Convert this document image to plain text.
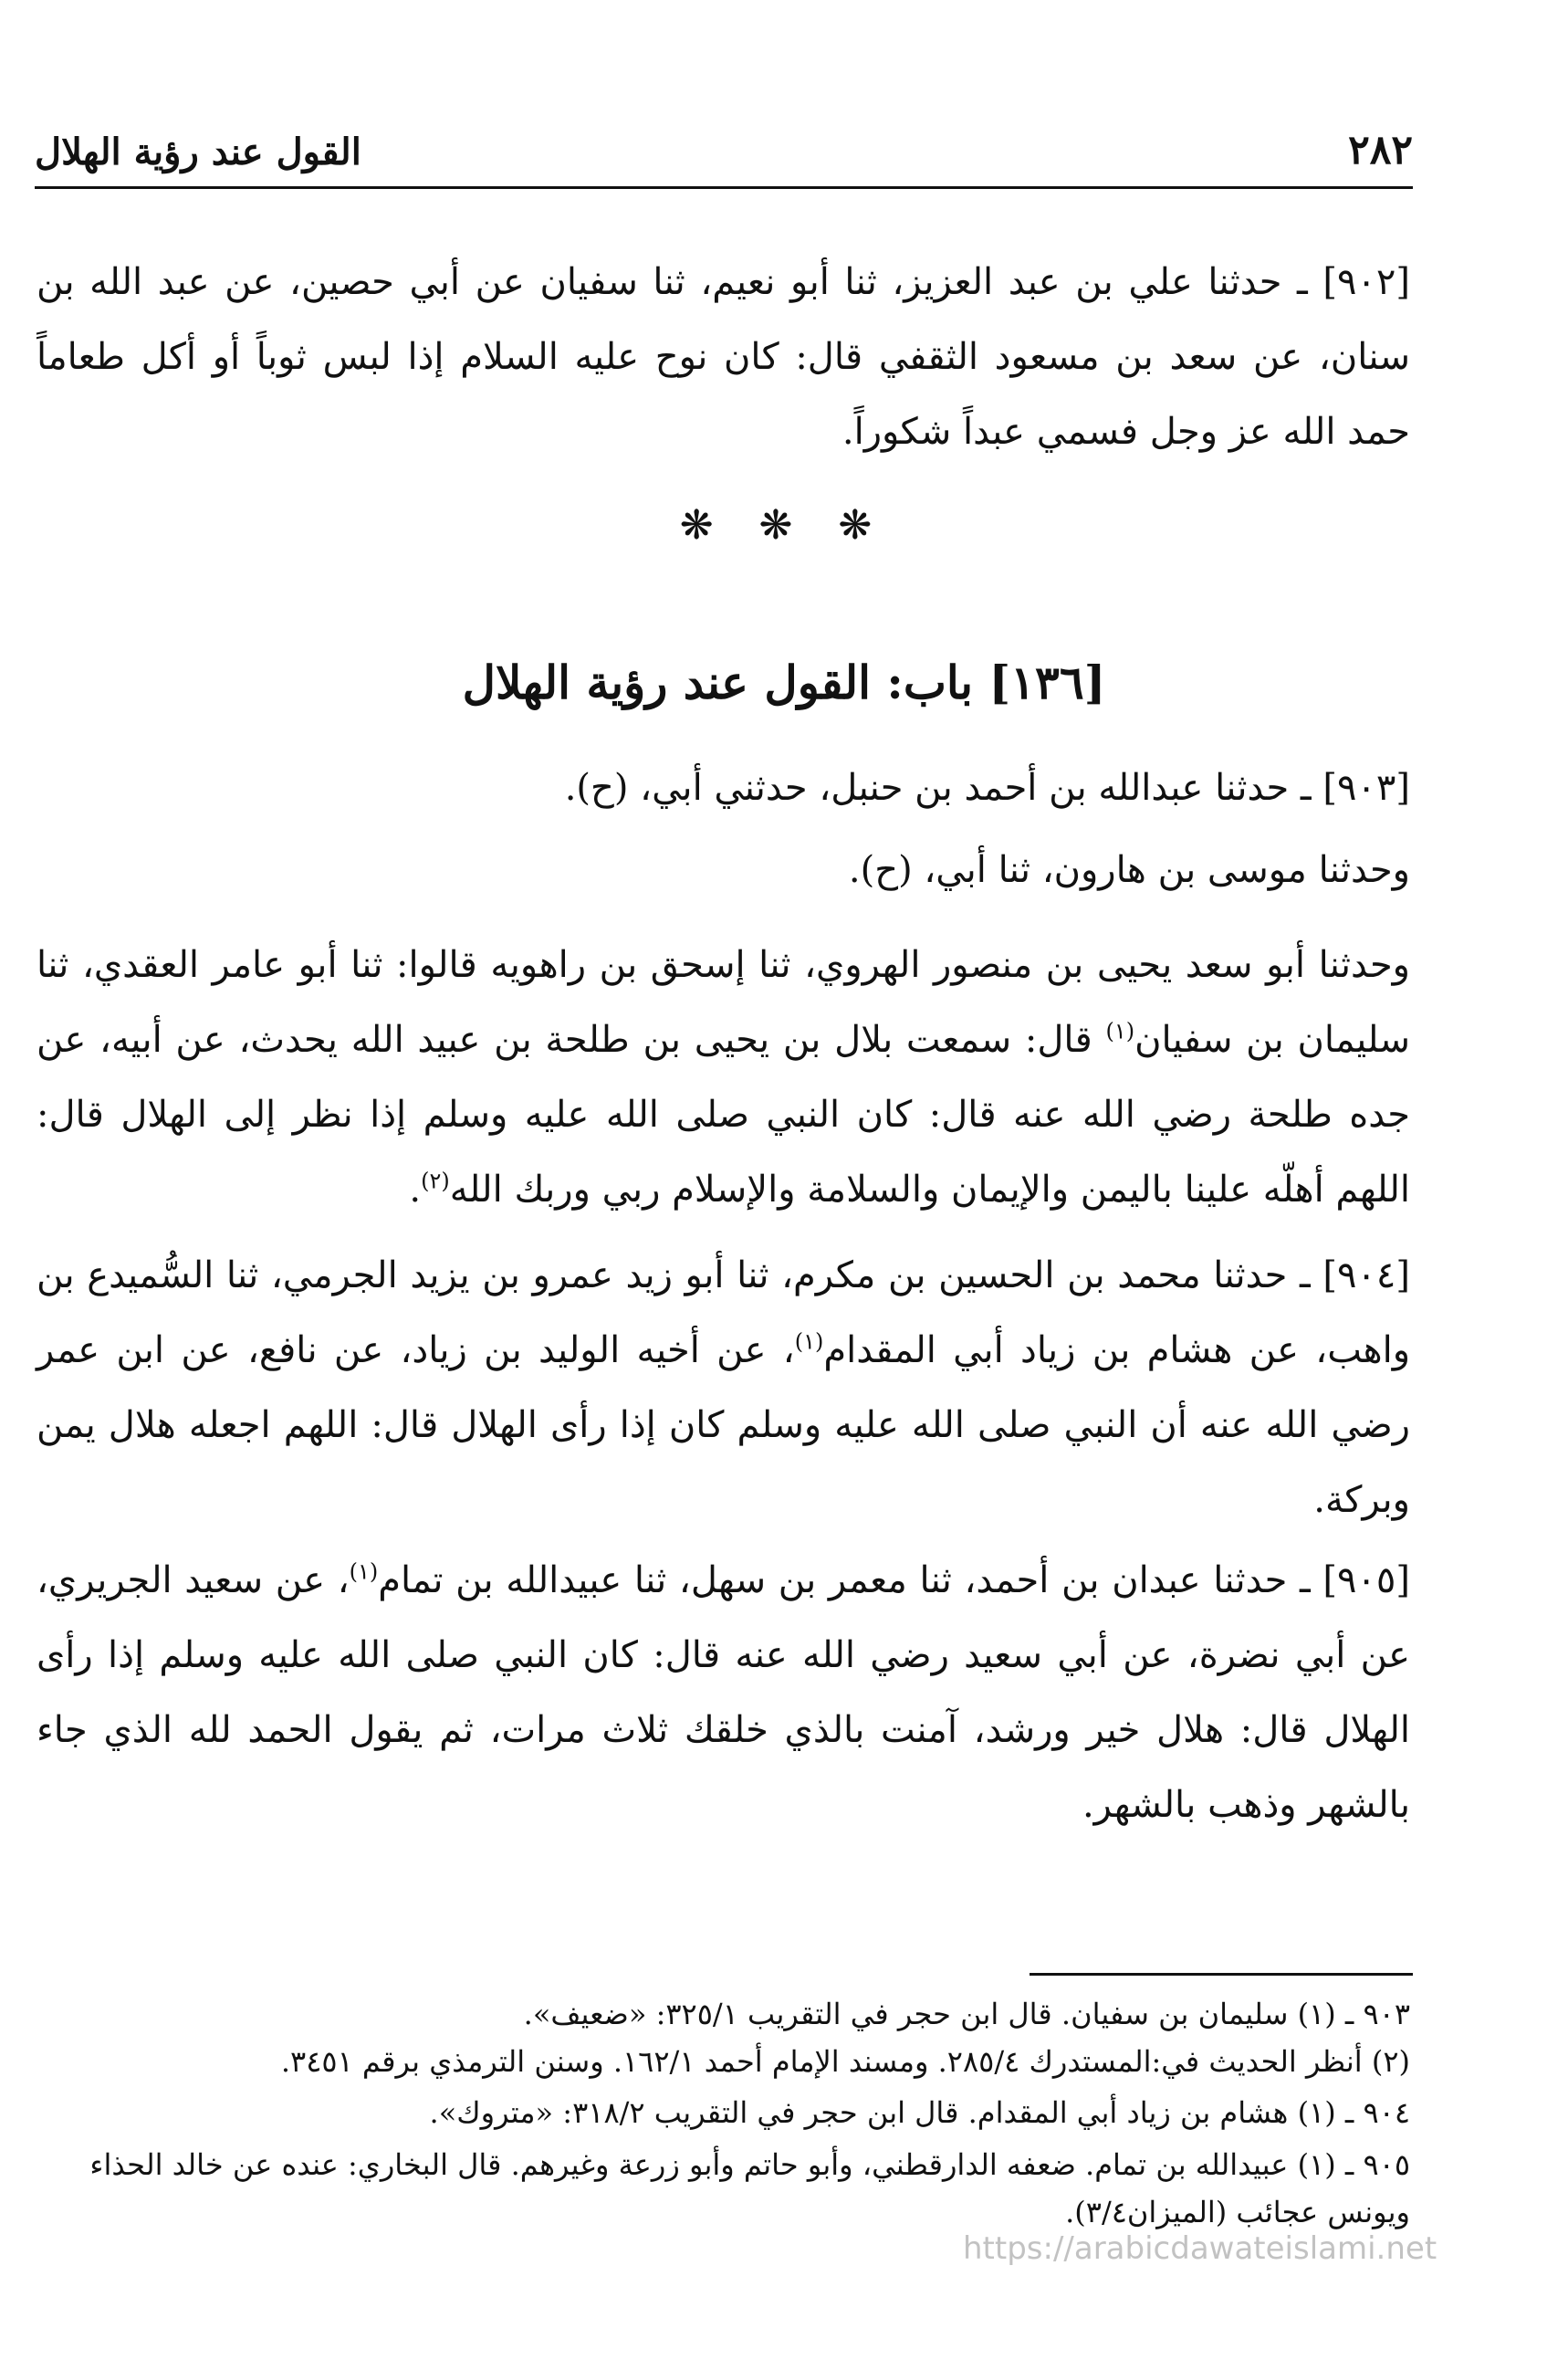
القول عند رؤية الهلال	٢٨٢
[٩٠٢] ـ حدثنا علي بن عبد العزيز، ثنا أبو نعيم، ثنا سفيان عن أبي حصين، عن عبد الله بن سنان، عن سعد بن مسعود الثقفي قال: كان نوح عليه السلام إذا لبس ثوباً أو أكل طعاماً حمد الله عز وجل فسمي عبداً شكوراً.
❋ ❋ ❋
[١٣٦] باب: القول عند رؤية الهلال
[٩٠٣] ـ حدثنا عبدالله بن أحمد بن حنبل، حدثني أبي، (ح).
وحدثنا موسى بن هارون، ثنا أبي، (ح).
وحدثنا أبو سعد يحيى بن منصور الهروي، ثنا إسحق بن راهويه قالوا: ثنا أبو عامر العقدي، ثنا سليمان بن سفيان$^{(١)}$ قال: سمعت بلال بن يحيى بن طلحة بن عبيد الله يحدث، عن أبيه، عن جده طلحة رضي الله عنه قال: كان النبي صلى الله عليه وسلم إذا نظر إلى الهلال قال: اللهم أهلّه علينا باليمن والإيمان والسلامة والإسلام ربي وربك الله$^{(٢)}$.
[٩٠٤] ـ حدثنا محمد بن الحسين بن مكرم، ثنا أبو زيد عمرو بن يزيد الجرمي، ثنا السُّميدع بن واهب، عن هشام بن زياد أبي المقدام$^{(١)}$، عن أخيه الوليد بن زياد، عن نافع، عن ابن عمر رضي الله عنه أن النبي صلى الله عليه وسلم كان إذا رأى الهلال قال: اللهم اجعله هلال يمن وبركة.
[٩٠٥] ـ حدثنا عبدان بن أحمد، ثنا معمر بن سهل، ثنا عبيدالله بن تمام$^{(١)}$، عن سعيد الجريري، عن أبي نضرة، عن أبي سعيد رضي الله عنه قال: كان النبي صلى الله عليه وسلم إذا رأى الهلال قال: هلال خير ورشد، آمنت بالذي خلقك ثلاث مرات، ثم يقول الحمد لله الذي جاء بالشهر وذهب بالشهر.
٩٠٣ ـ (١) سليمان بن سفيان. قال ابن حجر في التقريب ٣٢٥/١: «ضعيف».
(٢) أنظر الحديث في:المستدرك ٢٨٥/٤. ومسند الإمام أحمد ١٦٢/١. وسنن الترمذي برقم ٣٤٥١.
٩٠٤ ـ (١) هشام بن زياد أبي المقدام. قال ابن حجر في التقريب ٣١٨/٢: «متروك».
٩٠٥ ـ (١) عبيدالله بن تمام. ضعفه الدارقطني، وأبو حاتم وأبو زرعة وغيرهم. قال البخاري: عنده عن خالد الحذاء ويونس عجائب (الميزان٣/٤).
https://arabicdawateislami.net
